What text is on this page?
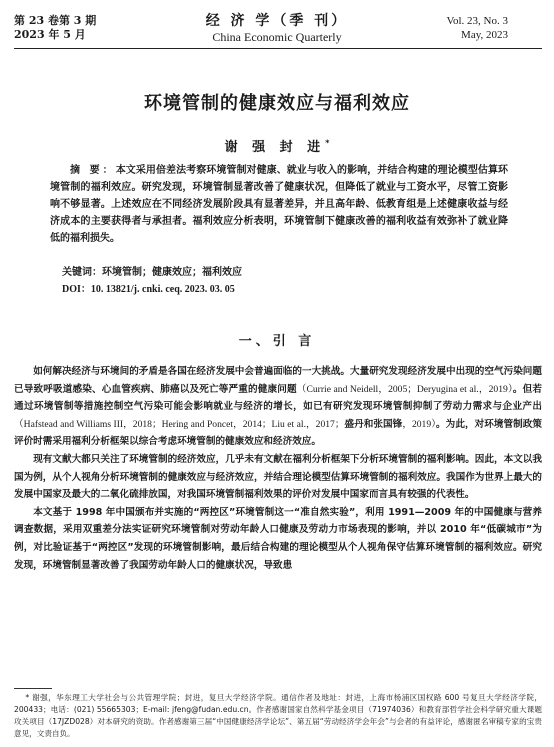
第 23 卷第 3 期
2023 年 5 月
经 济 学（季 刊）
China Economic Quarterly
Vol. 23, No. 3
May, 2023
环境管制的健康效应与福利效应
谢 强 封 进*

摘 要：本文采用倍差法考察环境管制对健康、就业与收入的影响，并结合构建的理论模型估算环境管制的福利效应。研究发现，环境管制显著改善了健康状况，但降低了就业与工资水平，尽管工资影响不够显著。上述效应在不同经济发展阶段具有显著差异，并且高年龄、低教育组是上述健康收益与经济成本的主要获得者与承担者。福利效应分析表明，环境管制下健康改善的福利收益有效弥补了就业降低的福利损失。

关键词：环境管制；健康效应；福利效应
DOI：10. 13821/j. cnki. ceq. 2023. 03. 05
一、引 言

如何解决经济与环境间的矛盾是各国在经济发展中会普遍面临的一大挑战。大量研究发现经济发展中出现的空气污染问题已导致呼吸道感染、心血管疾病、肺癌以及死亡等严重的健康问题（Currie and Neidell，2005；Deryugina et al.，2019）。但若通过环境管制等措施控制空气污染可能会影响就业与经济的增长，如已有研究发现环境管制抑制了劳动力需求与企业产出（Hafstead and Williams III，2018；Hering and Poncet，2014；Liu et al.，2017；盛丹和张国锋，2019）。为此，对环境管制政策评价时需采用福利分析框架以综合考虑环境管制的健康效应和经济效应。

现有文献大都只关注了环境管制的经济效应，几乎未有文献在福利分析框架下分析环境管制的福利影响。因此，本文以我国为例，从个人视角分析环境管制的健康效应与经济效应，并结合理论模型估算环境管制的福利效应。我国作为世界上最大的发展中国家及最大的二氧化硫排放国，对我国环境管制福利效果的评价对发展中国家而言具有较强的代表性。

本文基于 1998 年中国颁布并实施的“两控区”环境管制这一“准自然实验”，利用 1991—2009 年的中国健康与营养调查数据，采用双重差分法实证研究环境管制对劳动年龄人口健康及劳动力市场表现的影响，并以 2010 年“低碳城市”为例，对比验证基于“两控区”发现的环境管制影响，最后结合构建的理论模型从个人视角保守估算环境管制的福利效应。研究发现，环境管制显著改善了我国劳动年龄人口的健康状况，导致患

* 谢强，华东理工大学社会与公共管理学院；封进，复旦大学经济学院。通信作者及地址：封进，上海市杨浦区国权路 600 号复旦大学经济学院，200433；电话：(021) 55665303；E-mail: jfeng@fudan.edu.cn。作者感谢国家自然科学基金项目（71974036）和教育部哲学社会科学研究重大课题攻关项目（17JZD028）对本研究的资助。作者感谢第三届“中国健康经济学论坛”、第五届“劳动经济学会年会”与会者的有益评论，感谢匿名审稿专家的宝贵意见，文责自负。
